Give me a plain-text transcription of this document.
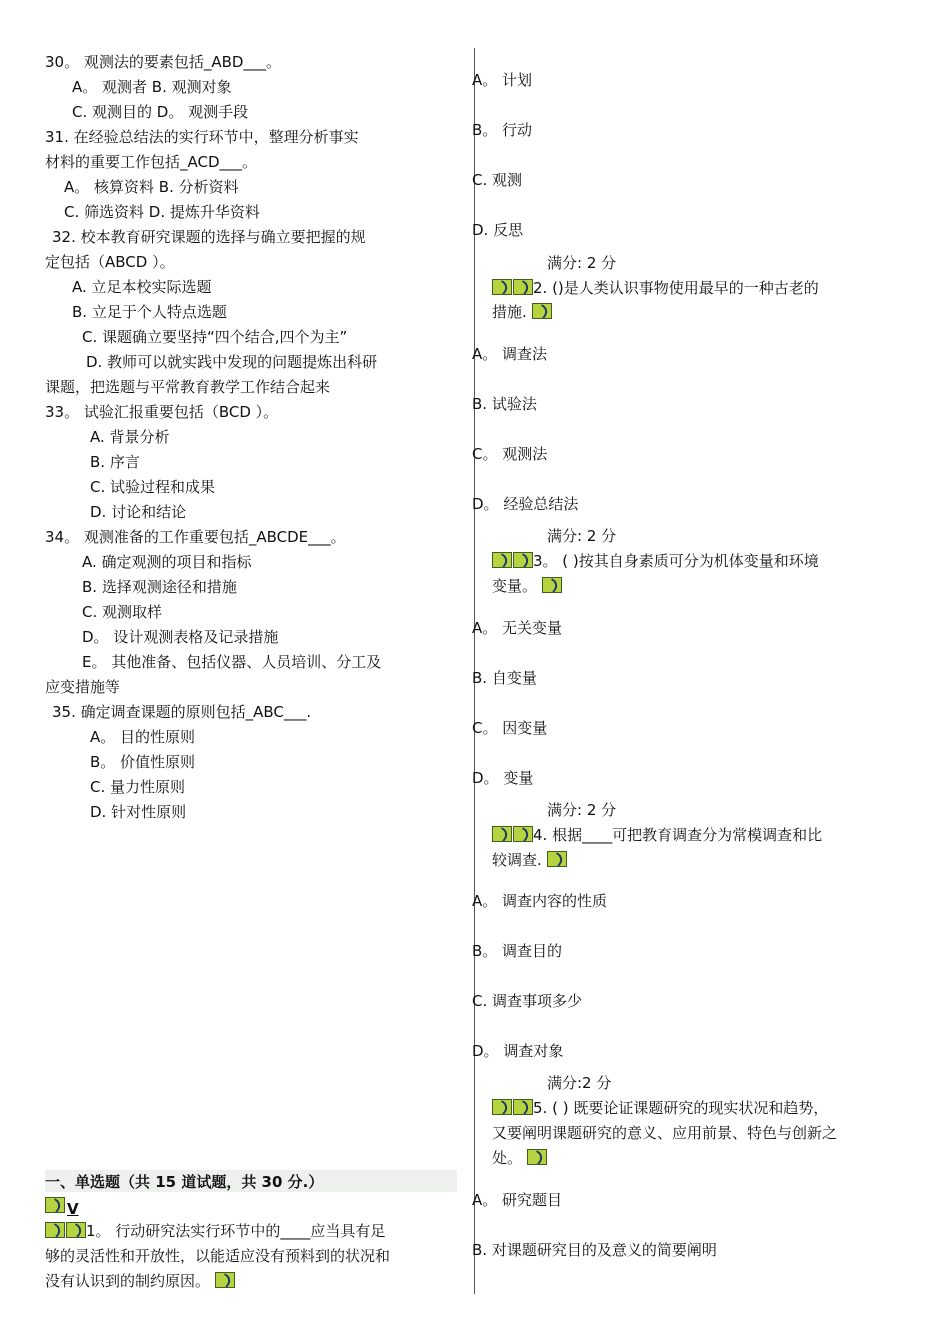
30。 观测法的要素包括_ABD___。
A。 观测者 B. 观测对象
C. 观测目的 D。 观测手段
31. 在经验总结法的实行环节中，整理分析事实
材料的重要工作包括_ACD___。
A。 核算资料 B. 分析资料
C. 筛选资料 D. 提炼升华资料
32. 校本教育研究课题的选择与确立要把握的规
定包括（ABCD ）。
A. 立足本校实际选题
B. 立足于个人特点选题
C. 课题确立要坚持“四个结合,四个为主”
D. 教师可以就实践中发现的问题提炼出科研
课题，把选题与平常教育教学工作结合起来
33。 试验汇报重要包括（BCD ）。
A. 背景分析
B. 序言
C. 试验过程和成果
D. 讨论和结论
34。 观测准备的工作重要包括_ABCDE___。
A. 确定观测的项目和指标
B. 选择观测途径和措施
C. 观测取样
D。 设计观测表格及记录措施
E。 其他准备、包括仪器、人员培训、分工及
应变措施等
35. 确定调查课题的原则包括_ABC___.
A。 目的性原则
B。 价值性原则
C. 量力性原则
D. 针对性原则
一、单选题（共 15 道试题，共 30 分.）
V
1。 行动研究法实行环节中的____应当具有足
够的灵活性和开放性，以能适应没有预料到的状况和
没有认识到的制约原因。
A。 计划
B。 行动
C. 观测
D. 反思
满分: 2 分
2. ()是人类认识事物使用最早的一种古老的
措施.
A。 调查法
B. 试验法
C。 观测法
D。 经验总结法
满分: 2 分
3。 ( )按其自身素质可分为机体变量和环境
变量。
A。 无关变量
B. 自变量
C。 因变量
D。 变量
满分: 2 分
4. 根据____可把教育调查分为常模调查和比
较调查.
A。 调查内容的性质
B。 调查目的
C. 调查事项多少
D。 调查对象
满分:2 分
5. ( ) 既要论证课题研究的现实状况和趋势，
又要阐明课题研究的意义、应用前景、特色与创新之
处。
A。 研究题目
B. 对课题研究目的及意义的简要阐明
